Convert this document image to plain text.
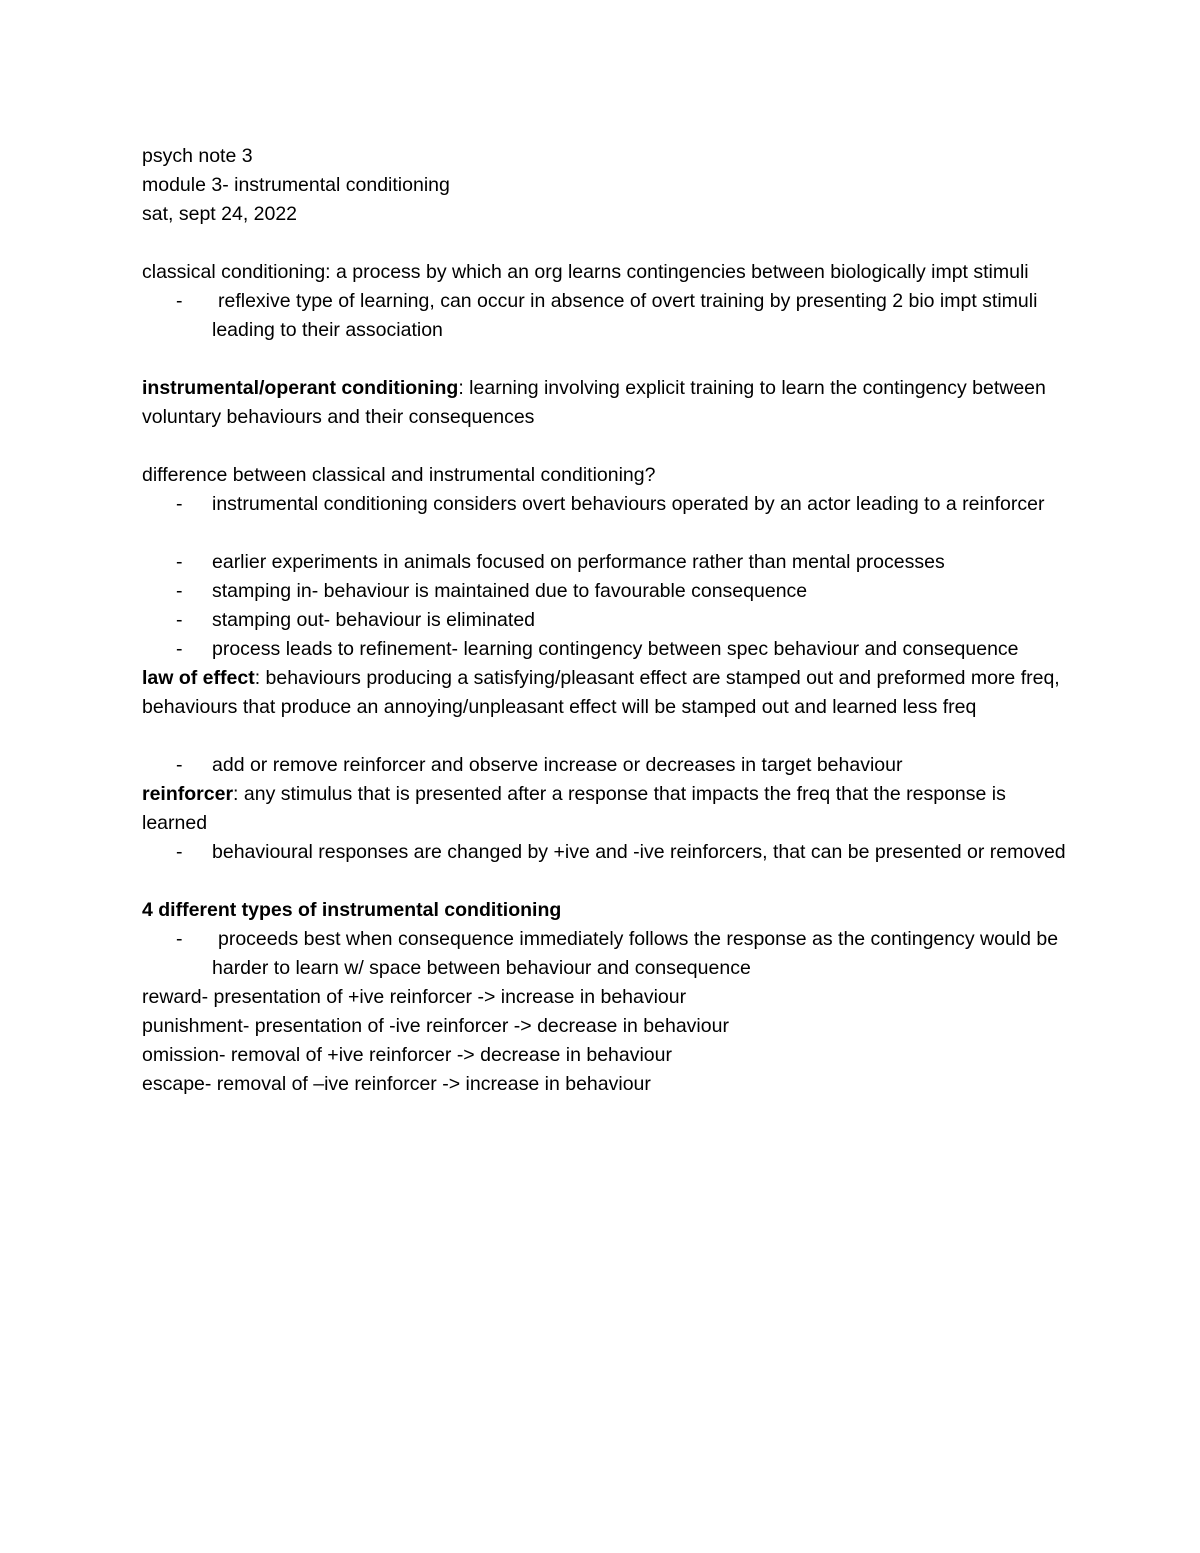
psych note 3

module 3- instrumental conditioning

sat, sept 24, 2022

classical conditioning: a process by which an org learns contingencies between biologically impt stimuli

- reflexive type of learning, can occur in absence of overt training by presenting 2 bio impt stimuli leading to their association

instrumental/operant conditioning: learning involving explicit training to learn the contingency between voluntary behaviours and their consequences

difference between classical and instrumental conditioning?

- instrumental conditioning considers overt behaviours operated by an actor leading to a reinforcer
- earlier experiments in animals focused on performance rather than mental processes
- stamping in- behaviour is maintained due to favourable consequence
- stamping out- behaviour is eliminated
- process leads to refinement- learning contingency between spec behaviour and consequence

law of effect: behaviours producing a satisfying/pleasant effect are stamped out and preformed more freq, behaviours that produce an annoying/unpleasant effect will be stamped out and learned less freq

- add or remove reinforcer and observe increase or decreases in target behaviour

reinforcer: any stimulus that is presented after a response that impacts the freq that the response is learned

- behavioural responses are changed by +ive and -ive reinforcers, that can be presented or removed

4 different types of instrumental conditioning

- proceeds best when consequence immediately follows the response as the contingency would be harder to learn w/ space between behaviour and consequence

reward- presentation of +ive reinforcer -> increase in behaviour

punishment- presentation of -ive reinforcer -> decrease in behaviour

omission- removal of +ive reinforcer -> decrease in behaviour

escape- removal of –ive reinforcer -> increase in behaviour
